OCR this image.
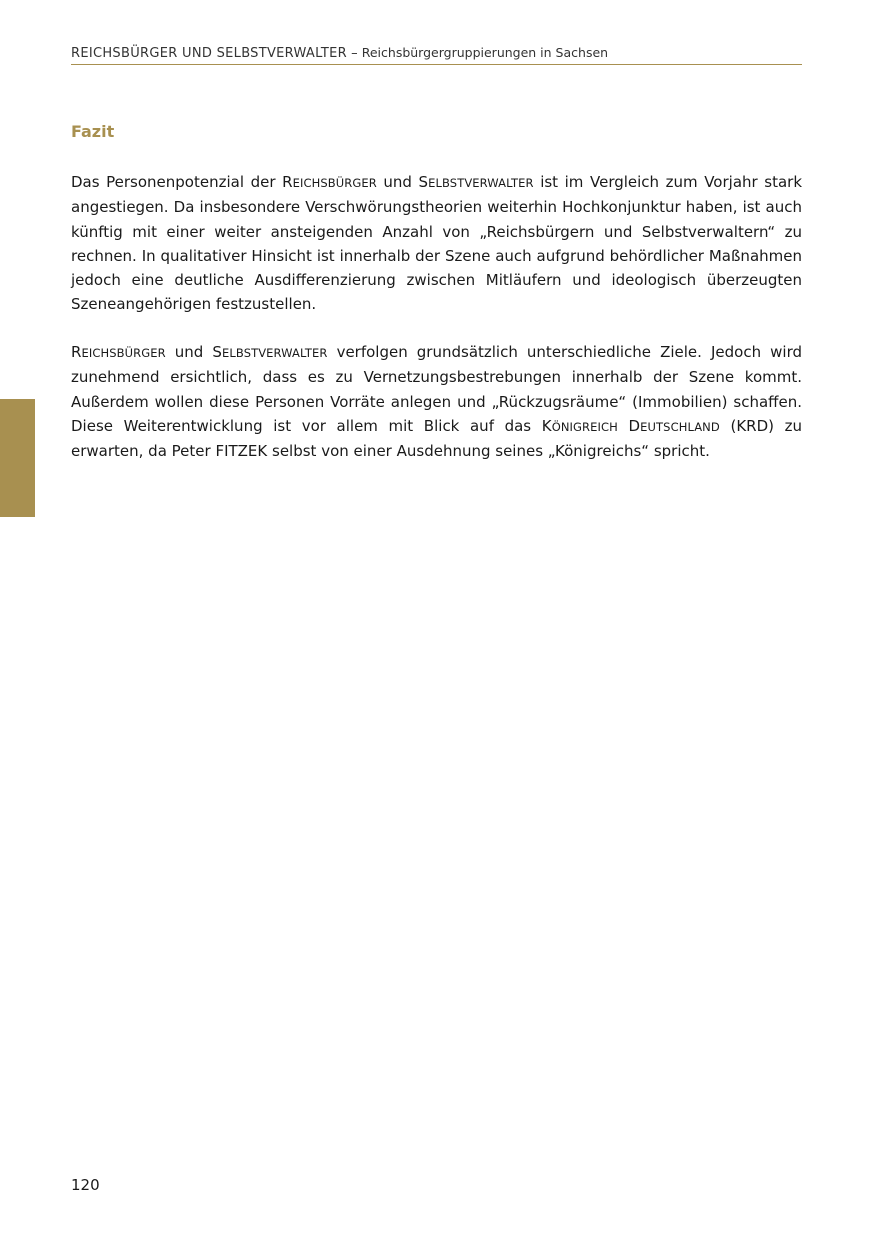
REICHSBÜRGER UND SELBSTVERWALTER – Reichsbürgergruppierungen in Sachsen
Fazit

Das Personenpotenzial der REICHSBÜRGER und SELBSTVERWALTER ist im Vergleich zum Vorjahr stark angestiegen. Da insbesondere Verschwörungstheorien weiterhin Hochkonjunktur haben, ist auch künftig mit einer weiter ansteigenden Anzahl von „Reichsbürgern und Selbstverwaltern“ zu rechnen. In qualitativer Hinsicht ist innerhalb der Szene auch aufgrund behördlicher Maßnahmen jedoch eine deutliche Ausdifferenzierung zwischen Mitläufern und ideologisch überzeugten Szeneangehörigen festzustellen.

REICHSBÜRGER und SELBSTVERWALTER verfolgen grundsätzlich unterschiedliche Ziele. Jedoch wird zunehmend ersichtlich, dass es zu Vernetzungsbestrebungen innerhalb der Szene kommt. Außerdem wollen diese Personen Vorräte anlegen und „Rückzugsräume“ (Immobilien) schaffen. Diese Weiterentwicklung ist vor allem mit Blick auf das KÖNIGREICH DEUTSCHLAND (KRD) zu erwarten, da Peter FITZEK selbst von einer Ausdehnung seines „Königreichs“ spricht.

120
